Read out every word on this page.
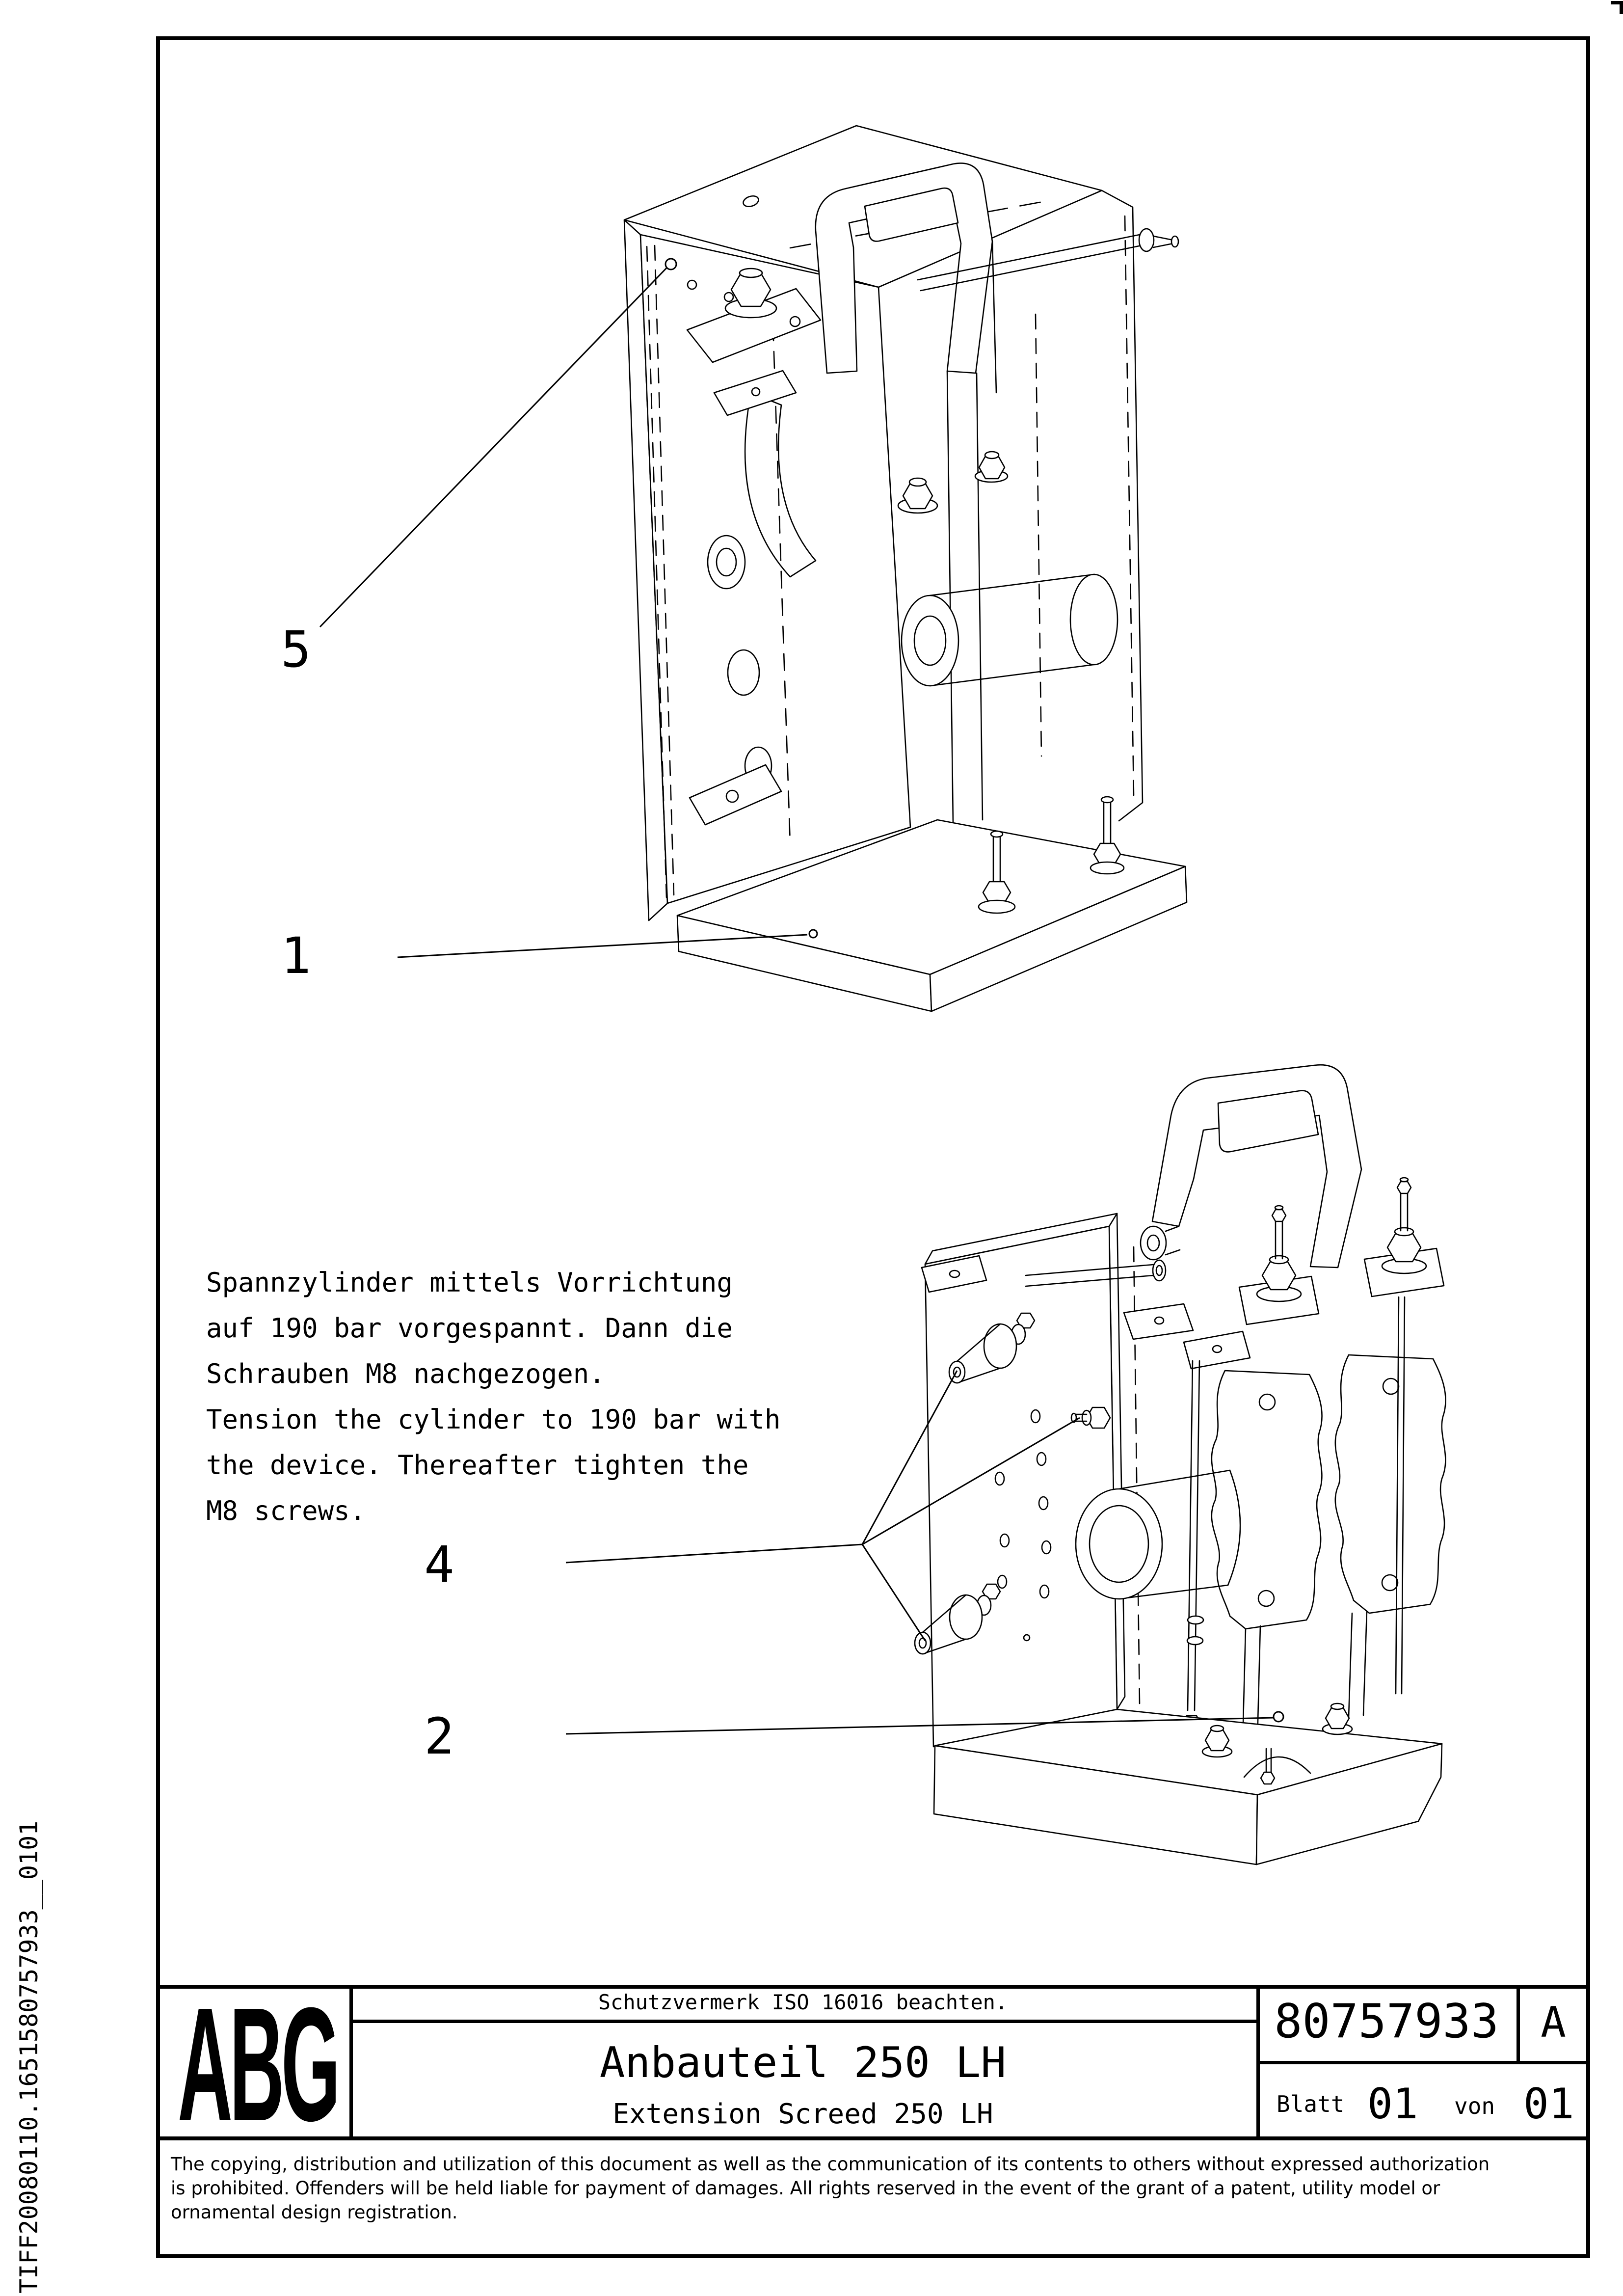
TIFF20080110.1651580757933__0101
5
1
4
2
Spannzylinder mittels Vorrichtung
auf 190 bar vorgespannt. Dann die
Schrauben M8 nachgezogen.
Tension the cylinder to 190 bar with
the device. Thereafter tighten the
M8 screws.
ABG	Schutzvermerk ISO 16016 beachten.
Anbauteil 250 LH
Extension Screed 250 LH
80757933 A
Blatt 01 von 01
The copying, distribution and utilization of this document as well as the communication of its contents to others without expressed authorization
is prohibited. Offenders will be held liable for payment of damages. All rights reserved in the event of the grant of a patent, utility model or
ornamental design registration.
